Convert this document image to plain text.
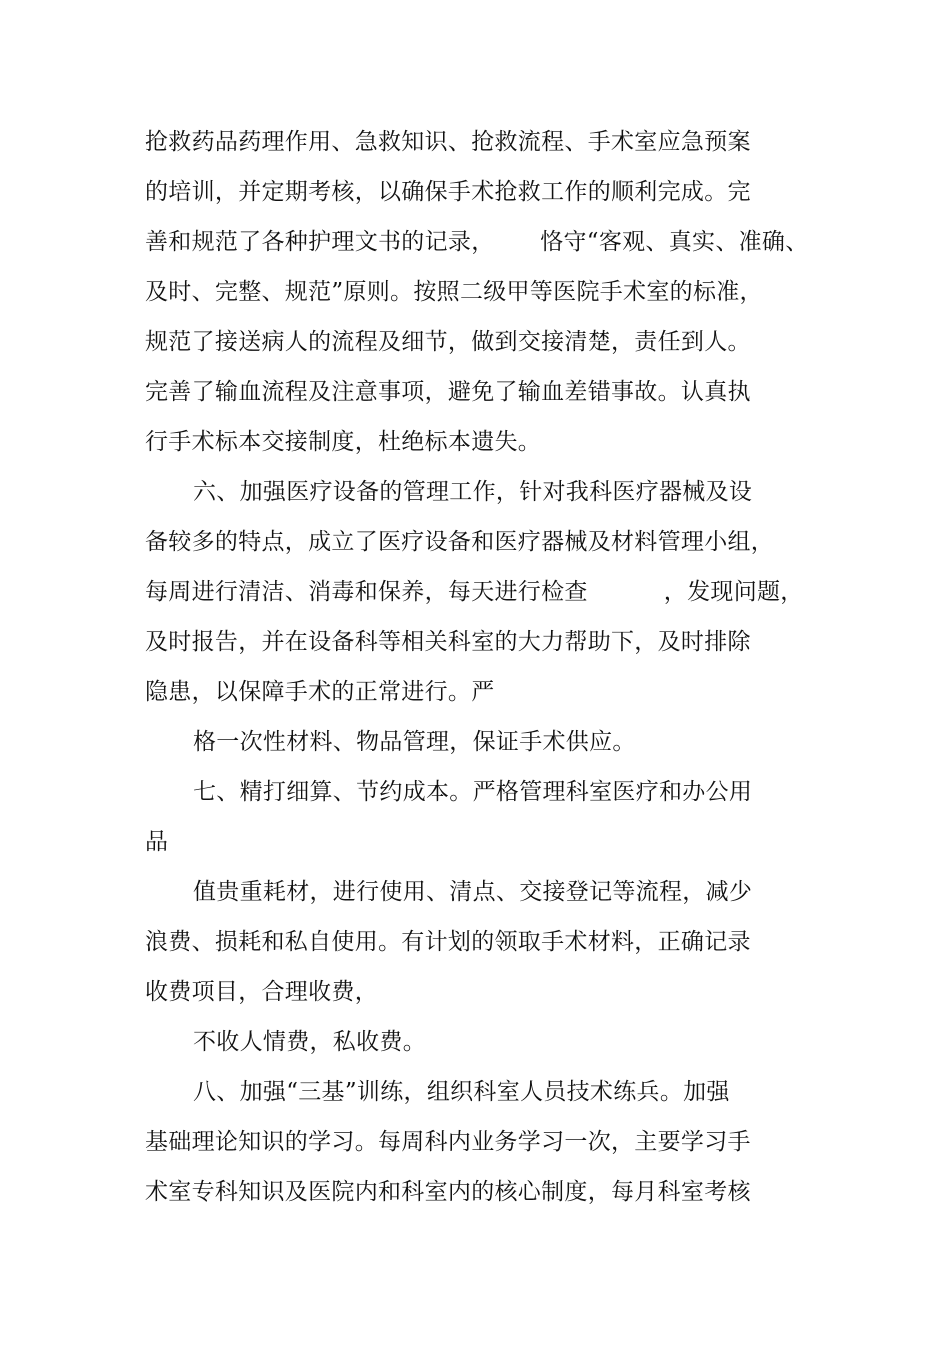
抢救药品药理作用、急救知识、抢救流程、手术室应急预案
的培训，并定期考核，以确保手术抢救工作的顺利完成。完
善和规范了各种护理文书的记录，      恪守“客观、真实、准确、
及时、完整、规范”原则。按照二级甲等医院手术室的标准，
规范了接送病人的流程及细节，做到交接清楚，责任到人。
完善了输血流程及注意事项，避免了输血差错事故。认真执
行手术标本交接制度，杜绝标本遗失。
六、加强医疗设备的管理工作，针对我科医疗器械及设
备较多的特点，成立了医疗设备和医疗器械及材料管理小组，
每周进行清洁、消毒和保养，每天进行检查          ，发现问题，
及时报告，并在设备科等相关科室的大力帮助下，及时排除
隐患，以保障手术的正常进行。严
格一次性材料、物品管理，保证手术供应。
七、精打细算、节约成本。严格管理科室医疗和办公用
品
值贵重耗材，进行使用、清点、交接登记等流程，减少
浪费、损耗和私自使用。有计划的领取手术材料，正确记录
收费项目，合理收费，
不收人情费，私收费。
八、加强“三基”训练，组织科室人员技术练兵。加强
基础理论知识的学习。每周科内业务学习一次，主要学习手
术室专科知识及医院内和科室内的核心制度，每月科室考核
